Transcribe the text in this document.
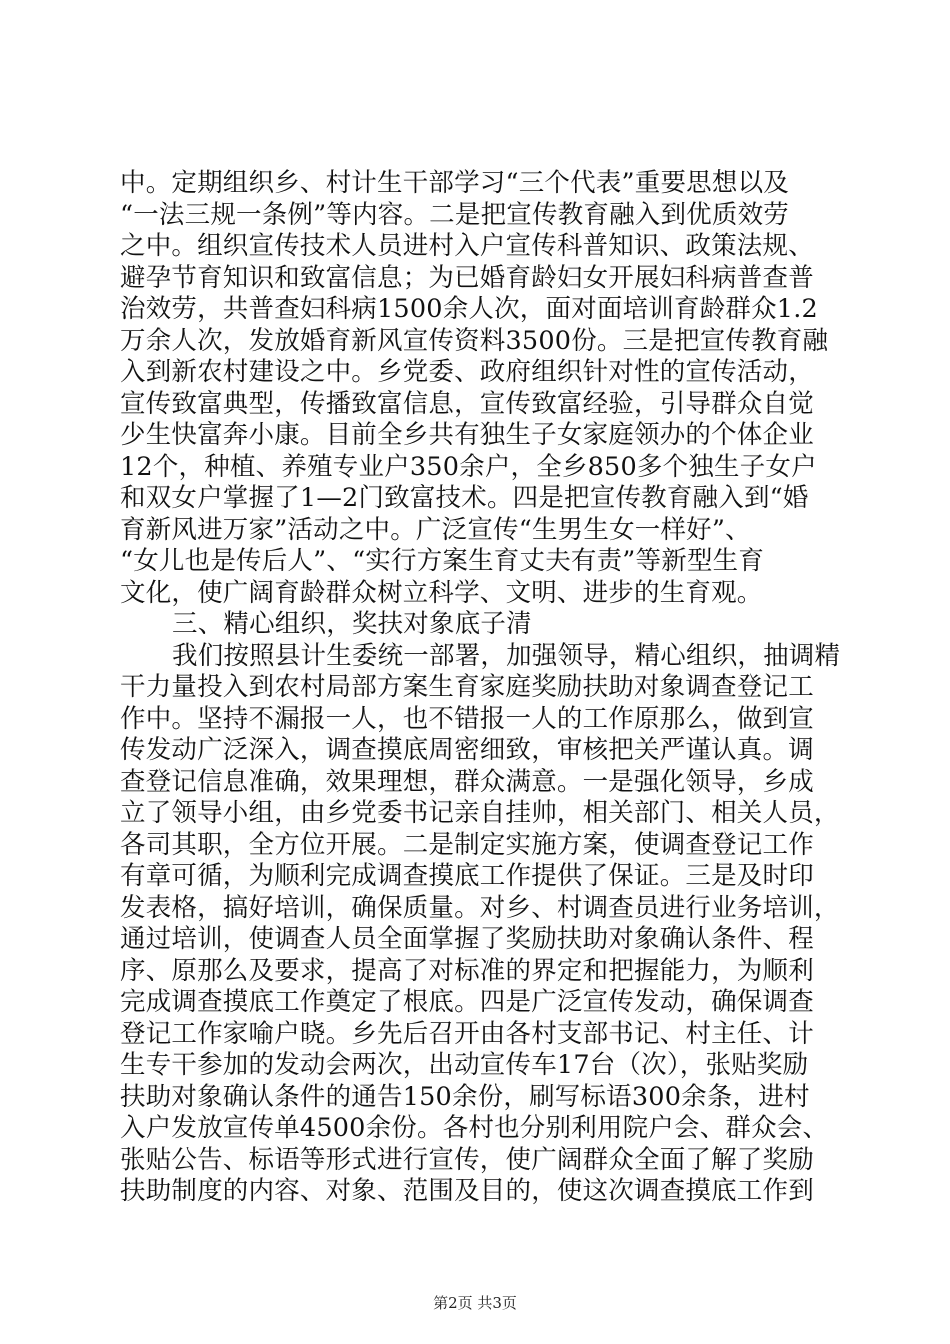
中。定期组织乡、村计生干部学习“三个代表”重要思想以及
“一法三规一条例”等内容。二是把宣传教育融入到优质效劳
之中。组织宣传技术人员进村入户宣传科普知识、政策法规、
避孕节育知识和致富信息；为已婚育龄妇女开展妇科病普查普
治效劳，共普查妇科病1500余人次，面对面培训育龄群众1.2
万余人次，发放婚育新风宣传资料3500份。三是把宣传教育融
入到新农村建设之中。乡党委、政府组织针对性的宣传活动，
宣传致富典型，传播致富信息，宣传致富经验，引导群众自觉
少生快富奔小康。目前全乡共有独生子女家庭领办的个体企业
12个，种植、养殖专业户350余户，全乡850多个独生子女户
和双女户掌握了1—2门致富技术。四是把宣传教育融入到“婚
育新风进万家”活动之中。广泛宣传“生男生女一样好”、
“女儿也是传后人”、“实行方案生育丈夫有责”等新型生育
文化，使广阔育龄群众树立科学、文明、进步的生育观。
三、精心组织，奖扶对象底子清
我们按照县计生委统一部署，加强领导，精心组织，抽调精
干力量投入到农村局部方案生育家庭奖励扶助对象调查登记工
作中。坚持不漏报一人，也不错报一人的工作原那么，做到宣
传发动广泛深入，调查摸底周密细致，审核把关严谨认真。调
查登记信息准确，效果理想，群众满意。一是强化领导，乡成
立了领导小组，由乡党委书记亲自挂帅，相关部门、相关人员，
各司其职，全方位开展。二是制定实施方案，使调查登记工作
有章可循，为顺利完成调查摸底工作提供了保证。三是及时印
发表格，搞好培训，确保质量。对乡、村调查员进行业务培训，
通过培训，使调查人员全面掌握了奖励扶助对象确认条件、程
序、原那么及要求，提高了对标准的界定和把握能力，为顺利
完成调查摸底工作奠定了根底。四是广泛宣传发动，确保调查
登记工作家喻户晓。乡先后召开由各村支部书记、村主任、计
生专干参加的发动会两次，出动宣传车17台（次），张贴奖励
扶助对象确认条件的通告150余份，刷写标语300余条，进村
入户发放宣传单4500余份。各村也分别利用院户会、群众会、
张贴公告、标语等形式进行宣传，使广阔群众全面了解了奖励
扶助制度的内容、对象、范围及目的，使这次调查摸底工作到
第2页 共3页
